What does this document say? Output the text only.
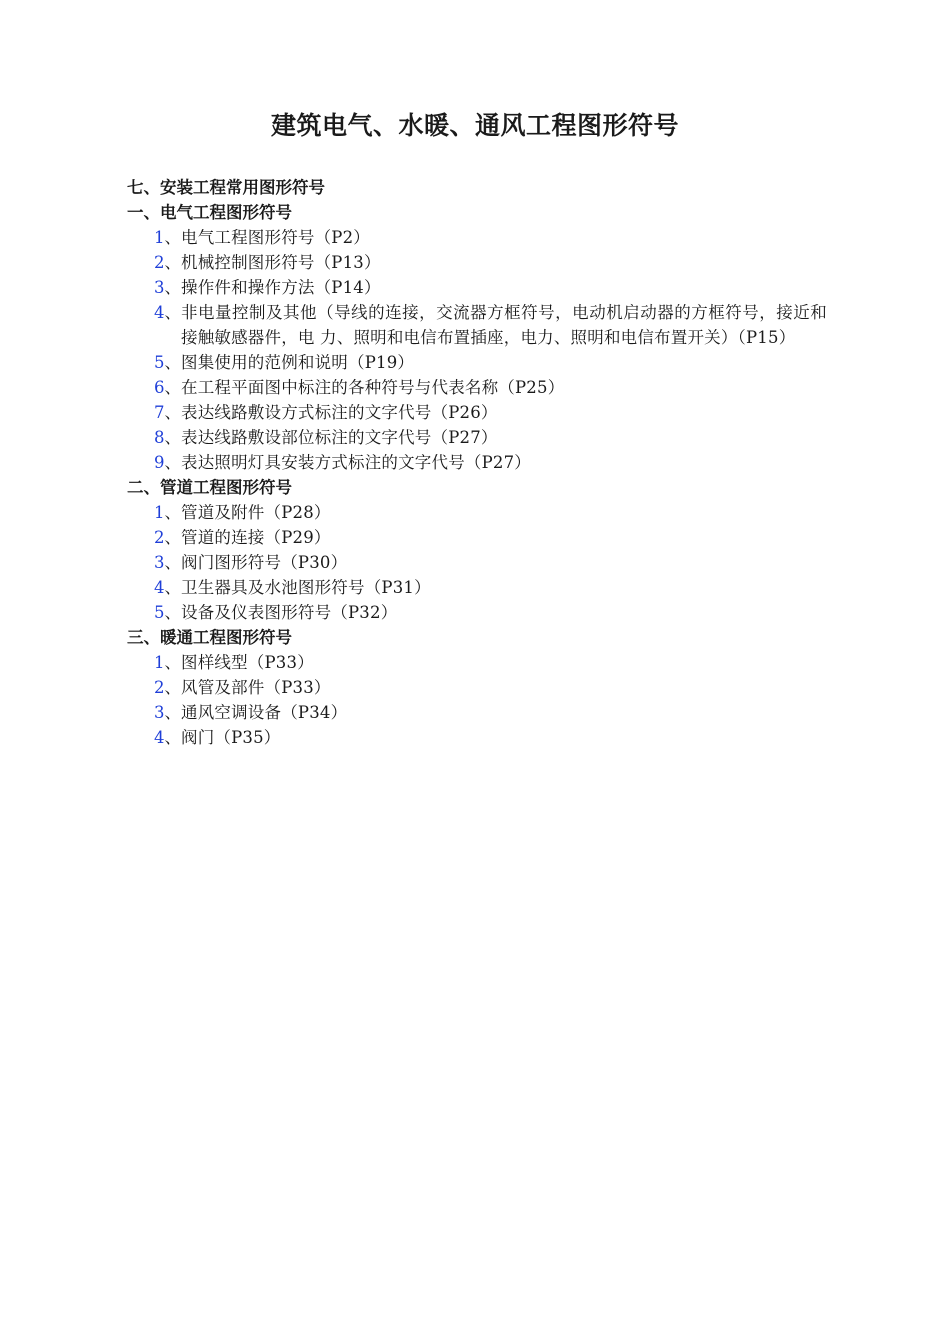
建筑电气、水暖、通风工程图形符号
七、安装工程常用图形符号
一、电气工程图形符号
1 、 电气工程图形符号（P2）
2 、 机械控制图形符号（P13）
3 、 操作件和操作方法（P14）
4 、 非电量控制及其他（导线的连接，交流器方框符号，电动机启动器的方框符号，接近和接触敏感器件，电 力、照明和电信布置插座，电力、照明和电信布置开关）（P15）
5 、 图集使用的范例和说明（P19）
6 、 在工程平面图中标注的各种符号与代表名称（P25）
7 、 表达线路敷设方式标注的文字代号（P26）
8 、 表达线路敷设部位标注的文字代号（P27）
9 、 表达照明灯具安装方式标注的文字代号（P27）
二、管道工程图形符号
1 、 管道及附件（P28）
2 、 管道的连接（P29）
3 、 阀门图形符号（P30）
4 、 卫生器具及水池图形符号（P31）
5 、 设备及仪表图形符号（P32）
三、暖通工程图形符号
1 、 图样线型（P33）
2 、 风管及部件（P33）
3 、 通风空调设备（P34）
4 、 阀门（P35）
